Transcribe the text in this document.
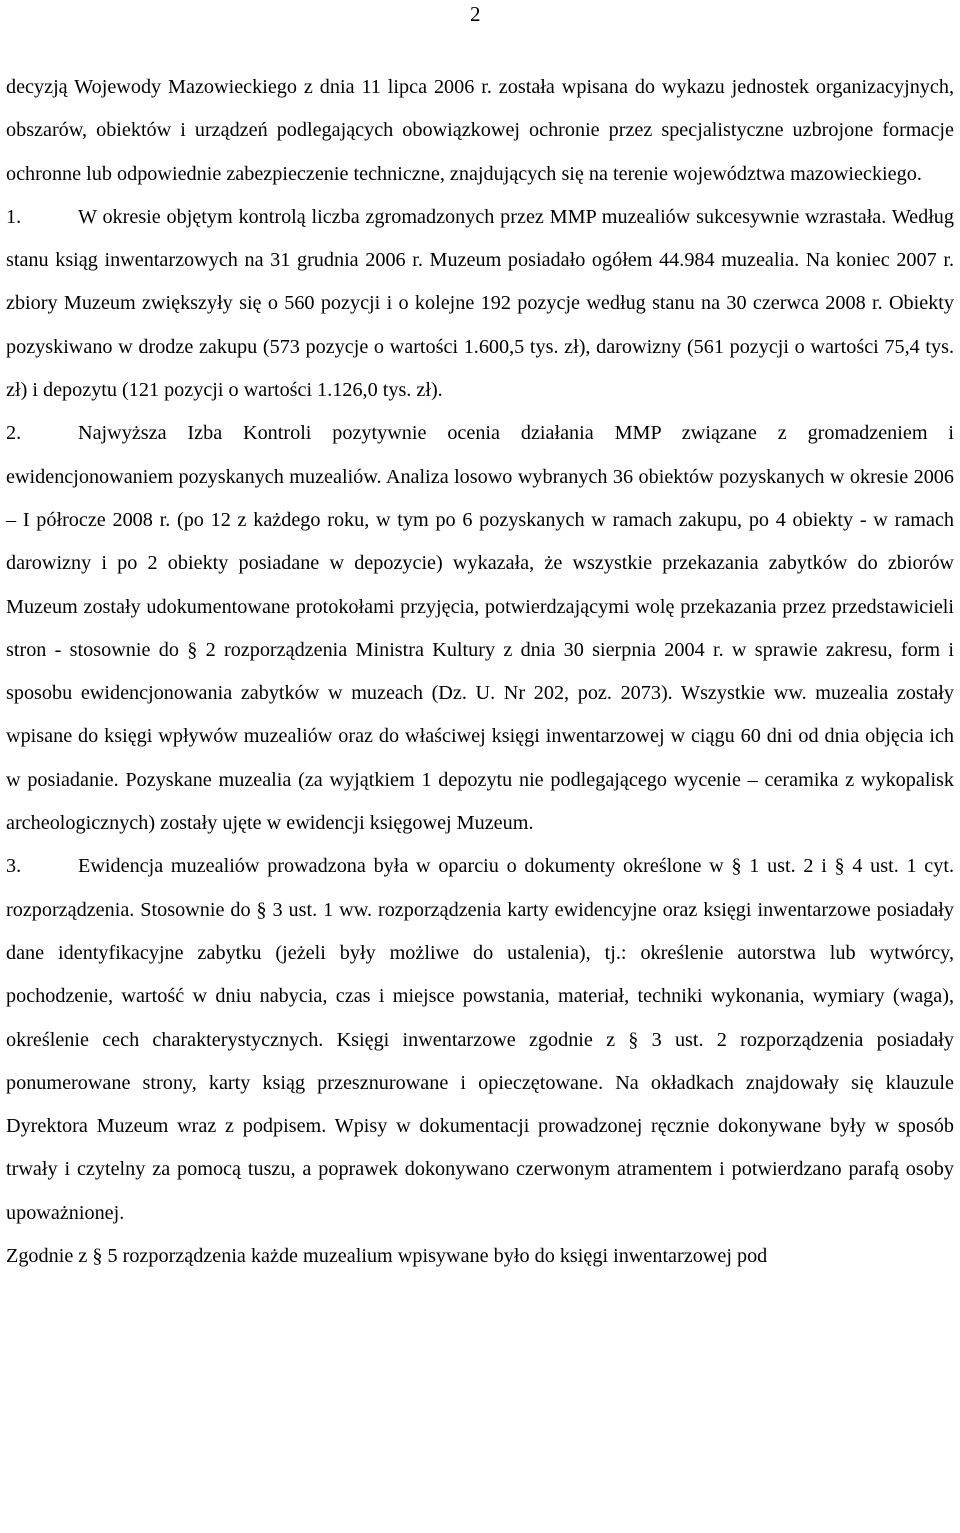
2

decyzją Wojewody Mazowieckiego z dnia 11 lipca 2006 r. została wpisana do wykazu jednostek organizacyjnych, obszarów, obiektów i urządzeń podlegających obowiązkowej ochronie przez specjalistyczne uzbrojone formacje ochronne lub odpowiednie zabezpieczenie techniczne, znajdujących się na terenie województwa mazowieckiego.

1.	W okresie objętym kontrolą liczba zgromadzonych przez MMP muzealiów sukcesywnie wzrastała. Według stanu ksiąg inwentarzowych na 31 grudnia 2006 r. Muzeum posiadało ogółem 44.984 muzealia. Na koniec 2007 r. zbiory Muzeum zwiększyły się o 560 pozycji i o kolejne 192 pozycje według stanu na 30 czerwca 2008 r. Obiekty pozyskiwano w drodze zakupu (573 pozycje o wartości 1.600,5 tys. zł), darowizny (561 pozycji o wartości 75,4 tys. zł) i depozytu (121 pozycji o wartości 1.126,0 tys. zł).

2.	Najwyższa Izba Kontroli pozytywnie ocenia działania MMP związane z gromadzeniem i ewidencjonowaniem pozyskanych muzealiów. Analiza losowo wybranych 36 obiektów pozyskanych w okresie 2006 – I półrocze 2008 r. (po 12 z każdego roku, w tym po 6 pozyskanych w ramach zakupu, po 4 obiekty - w ramach darowizny i po 2 obiekty posiadane w depozycie) wykazała, że wszystkie przekazania zabytków do zbiorów Muzeum zostały udokumentowane protokołami przyjęcia, potwierdzającymi wolę przekazania przez przedstawicieli stron - stosownie do § 2 rozporządzenia Ministra Kultury z dnia 30 sierpnia 2004 r. w sprawie zakresu, form i sposobu ewidencjonowania zabytków w muzeach (Dz. U. Nr 202, poz. 2073). Wszystkie ww. muzealia zostały wpisane do księgi wpływów muzealiów oraz do właściwej księgi inwentarzowej w ciągu 60 dni od dnia objęcia ich w posiadanie. Pozyskane muzealia (za wyjątkiem 1 depozytu nie podlegającego wycenie – ceramika z wykopalisk archeologicznych) zostały ujęte w ewidencji księgowej Muzeum.

3.	Ewidencja muzealiów prowadzona była w oparciu o dokumenty określone w § 1 ust. 2 i § 4 ust. 1 cyt. rozporządzenia. Stosownie do § 3 ust. 1 ww. rozporządzenia karty ewidencyjne oraz księgi inwentarzowe posiadały dane identyfikacyjne zabytku (jeżeli były możliwe do ustalenia), tj.: określenie autorstwa lub wytwórcy, pochodzenie, wartość w dniu nabycia, czas i miejsce powstania, materiał, techniki wykonania, wymiary (waga), określenie cech charakterystycznych. Księgi inwentarzowe zgodnie z § 3 ust. 2 rozporządzenia posiadały ponumerowane strony, karty ksiąg przesznurowane i opieczętowane. Na okładkach znajdowały się klauzule Dyrektora Muzeum wraz z podpisem. Wpisy w dokumentacji prowadzonej ręcznie dokonywane były w sposób trwały i czytelny za pomocą tuszu, a poprawek dokonywano czerwonym atramentem i potwierdzano parafą osoby upoważnionej.

Zgodnie z § 5 rozporządzenia każde muzealium wpisywane było do księgi inwentarzowej pod
